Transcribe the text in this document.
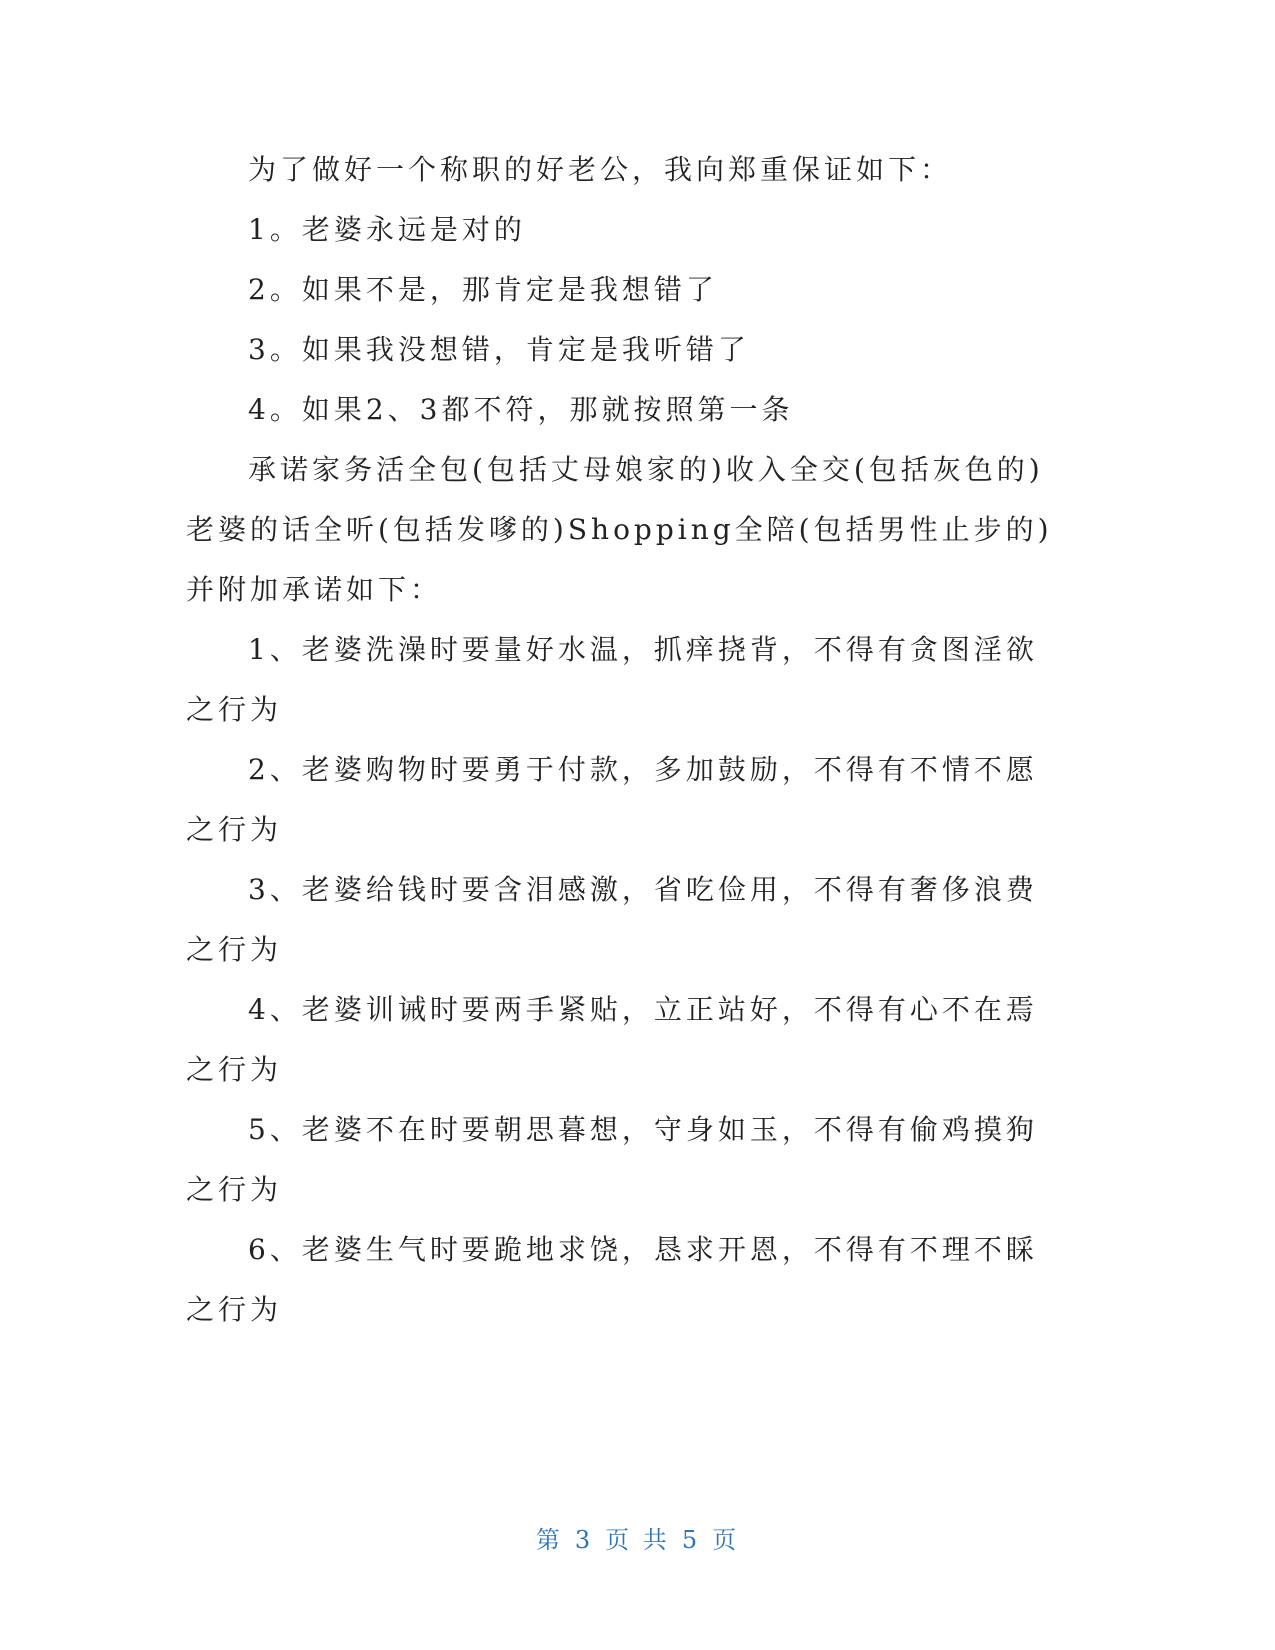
为了做好一个称职的好老公，我向郑重保证如下：

1。老婆永远是对的

2。如果不是，那肯定是我想错了

3。如果我没想错，肯定是我听错了

4。如果2、3都不符，那就按照第一条

承诺家务活全包(包括丈母娘家的)收入全交(包括灰色的)老婆的话全听(包括发嗲的)Shopping全陪(包括男性止步的)并附加承诺如下：

1、老婆洗澡时要量好水温，抓痒挠背，不得有贪图淫欲之行为

2、老婆购物时要勇于付款，多加鼓励，不得有不情不愿之行为

3、老婆给钱时要含泪感激，省吃俭用，不得有奢侈浪费之行为

4、老婆训诫时要两手紧贴，立正站好，不得有心不在焉之行为

5、老婆不在时要朝思暮想，守身如玉，不得有偷鸡摸狗之行为

6、老婆生气时要跪地求饶，恳求开恩，不得有不理不睬之行为

第 3 页 共 5 页
